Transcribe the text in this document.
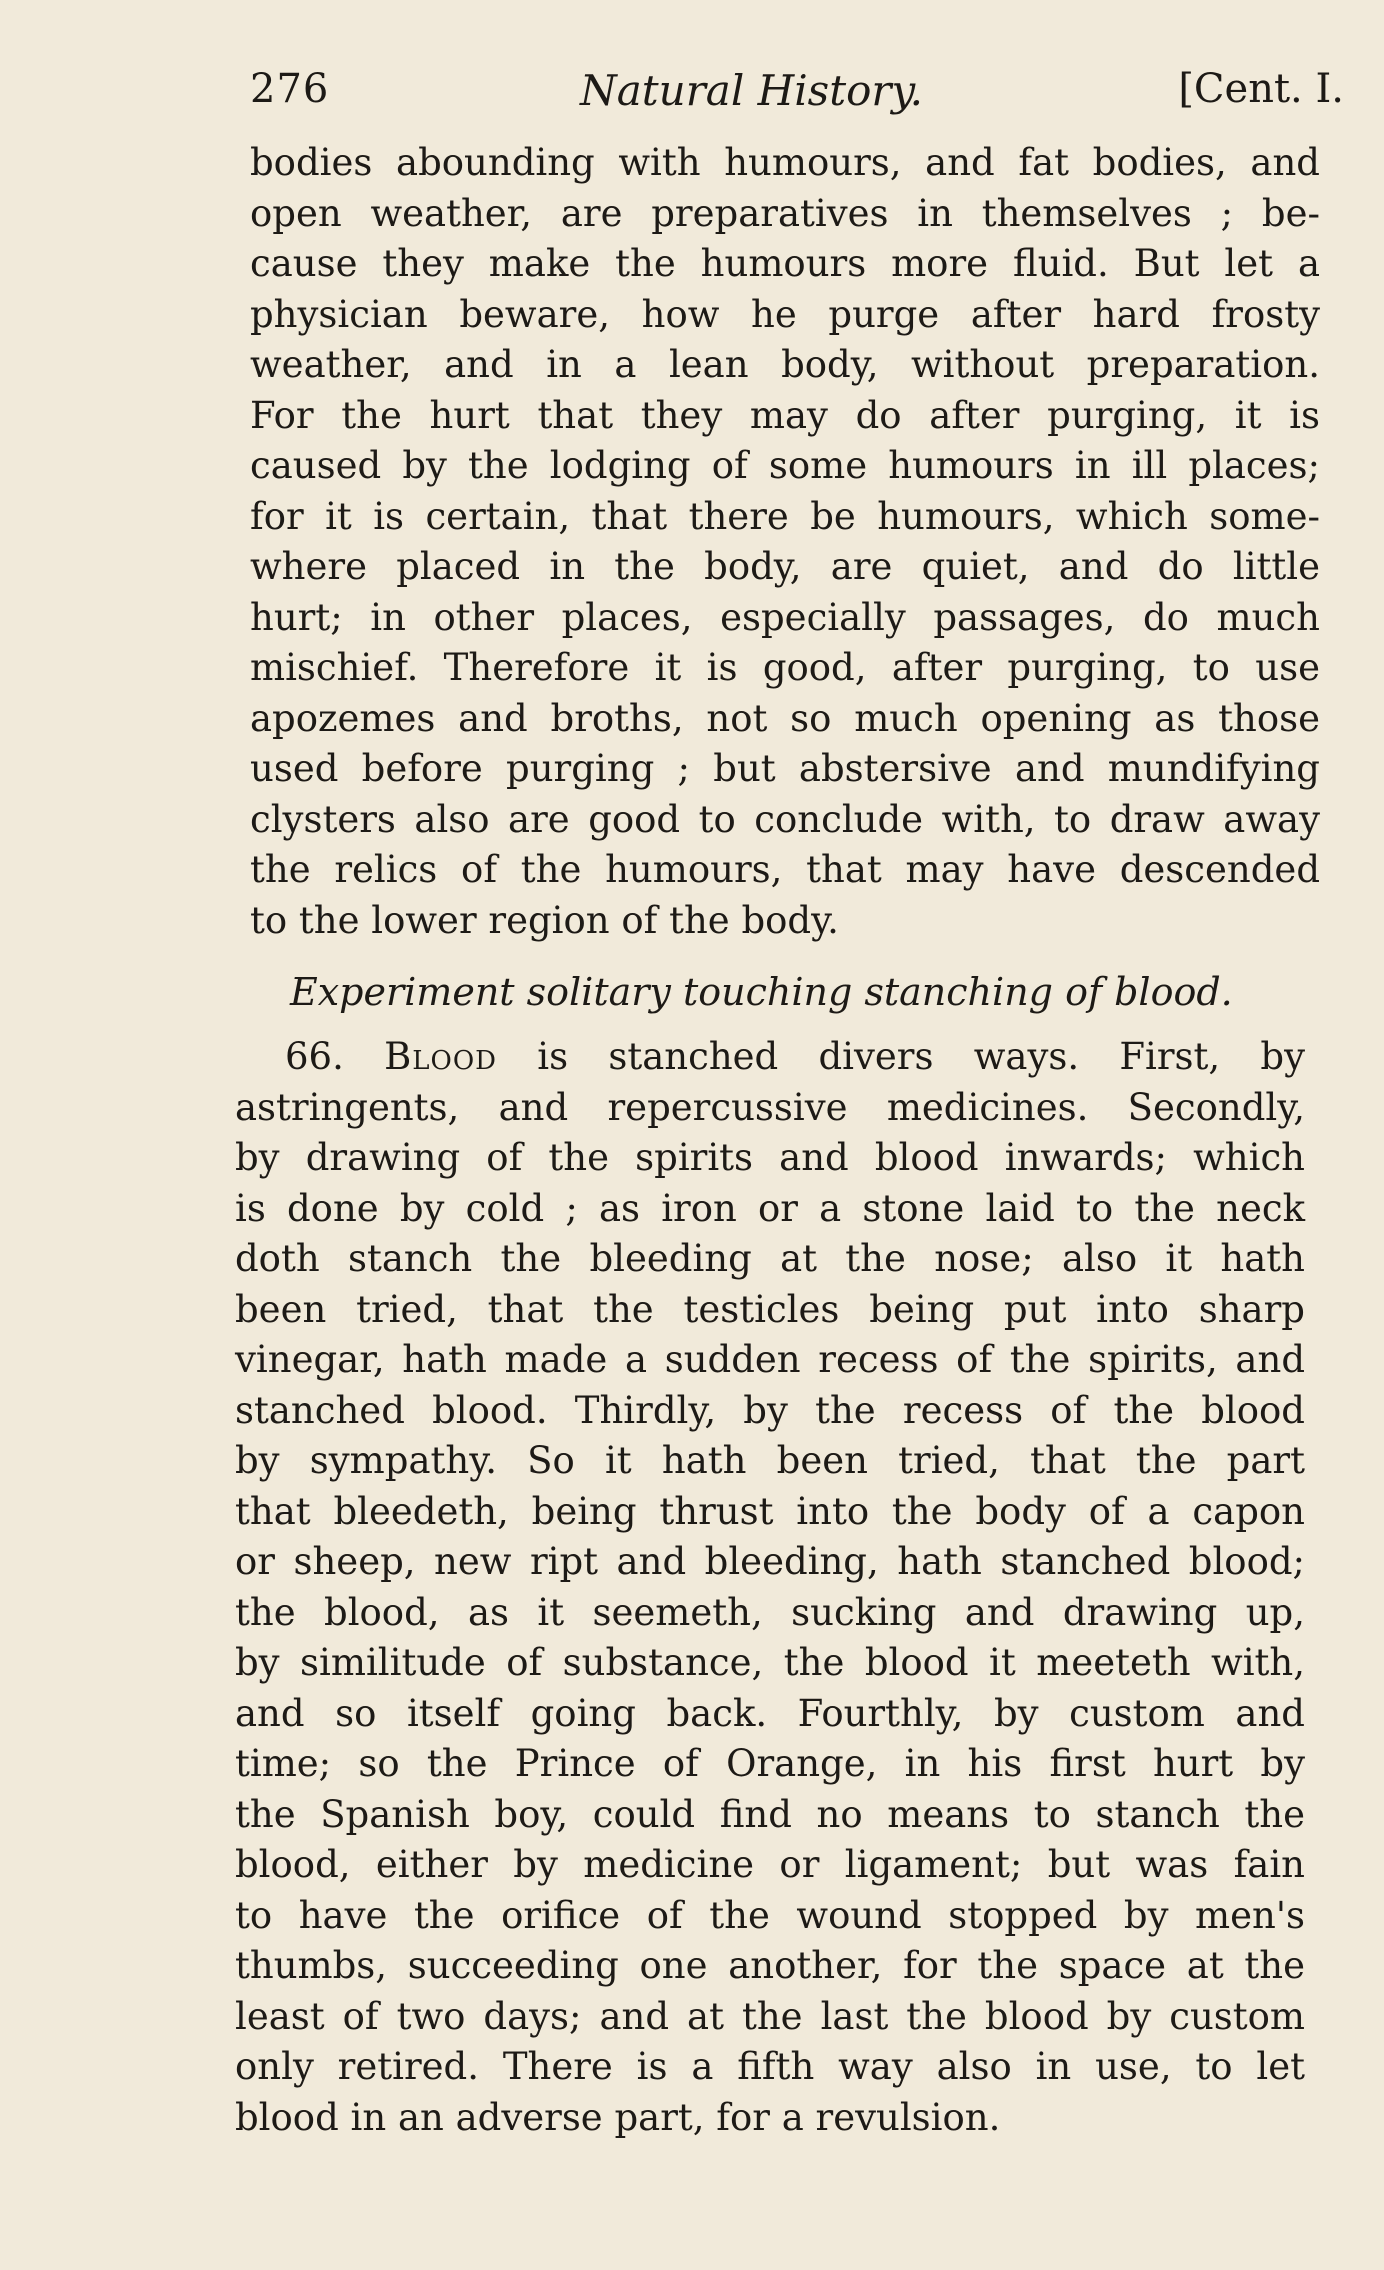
276	Natural History.	[Cent. I.

bodies abounding with humours, and fat bodies, and
open weather, are preparatives in themselves ; be-
cause they make the humours more fluid. But let a
physician beware, how he purge after hard frosty
weather, and in a lean body, without preparation.
For the hurt that they may do after purging, it is
caused by the lodging of some humours in ill places;
for it is certain, that there be humours, which some-
where placed in the body, are quiet, and do little
hurt; in other places, especially passages, do much
mischief. Therefore it is good, after purging, to use
apozemes and broths, not so much opening as those
used before purging ; but abstersive and mundifying
clysters also are good to conclude with, to draw away
the relics of the humours, that may have descended
to the lower region of the body.

Experiment solitary touching stanching of blood.

66. Blood is stanched divers ways. First, by
astringents, and repercussive medicines. Secondly,
by drawing of the spirits and blood inwards; which
is done by cold ; as iron or a stone laid to the neck
doth stanch the bleeding at the nose; also it hath
been tried, that the testicles being put into sharp
vinegar, hath made a sudden recess of the spirits, and
stanched blood. Thirdly, by the recess of the blood
by sympathy. So it hath been tried, that the part
that bleedeth, being thrust into the body of a capon
or sheep, new ript and bleeding, hath stanched blood;
the blood, as it seemeth, sucking and drawing up,
by similitude of substance, the blood it meeteth with,
and so itself going back. Fourthly, by custom and
time; so the Prince of Orange, in his first hurt by
the Spanish boy, could find no means to stanch the
blood, either by medicine or ligament; but was fain
to have the orifice of the wound stopped by men's
thumbs, succeeding one another, for the space at the
least of two days; and at the last the blood by custom
only retired. There is a fifth way also in use, to let
blood in an adverse part, for a revulsion.
